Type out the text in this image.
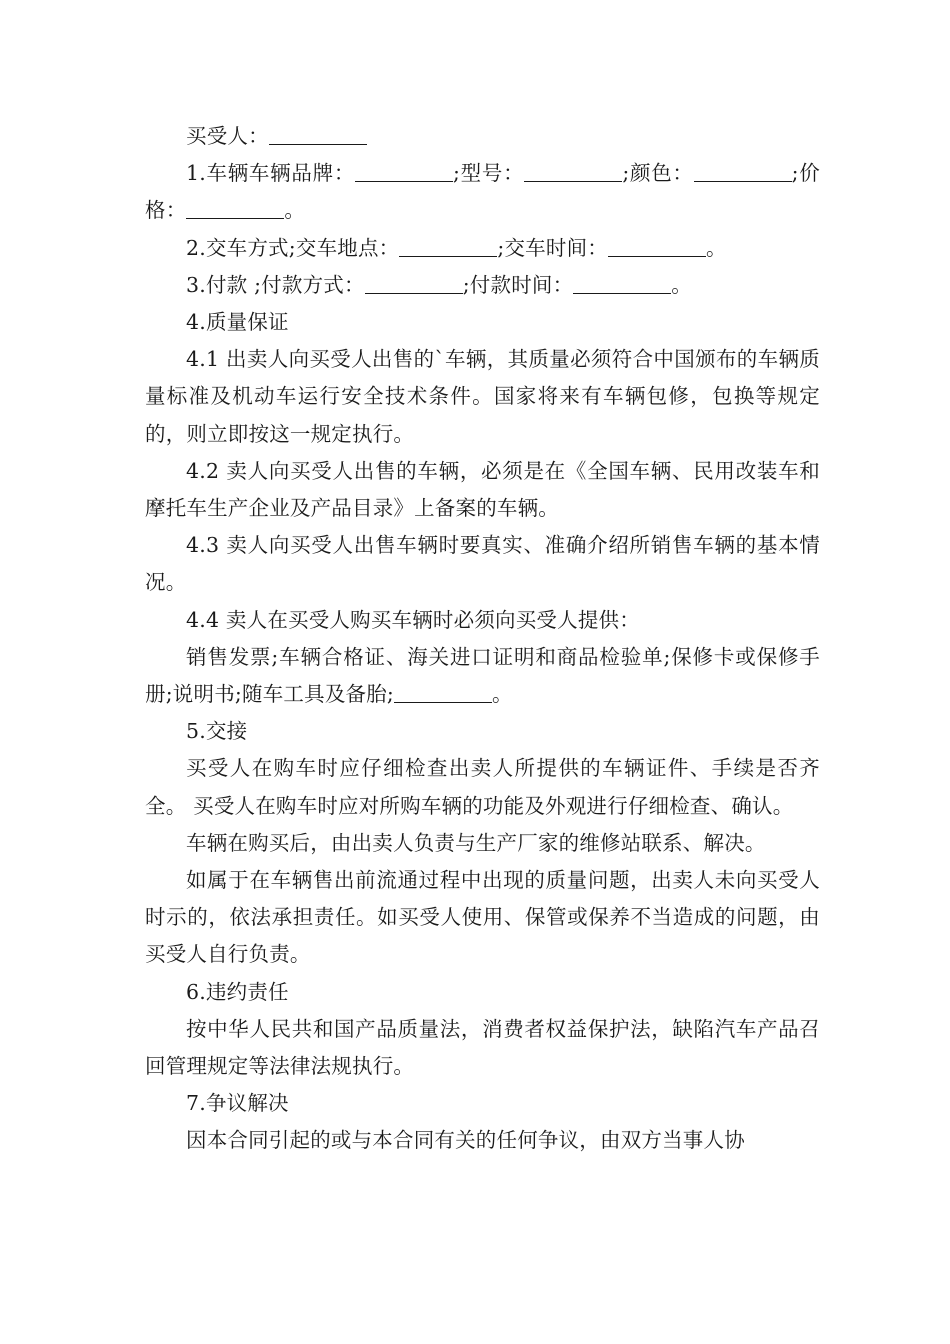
买受人：

1.车辆车辆品牌：	;型号：	;颜色：	;价格：	。

2.交车方式;交车地点：	;交车时间：	。

3.付款 ;付款方式：	;付款时间：	。

4.质量保证

4.1 出卖人向买受人出售的`车辆，其质量必须符合中国颁布的车辆质量标准及机动车运行安全技术条件。国家将来有车辆包修，包换等规定的，则立即按这一规定执行。

4.2 卖人向买受人出售的车辆，必须是在《全国车辆、民用改装车和摩托车生产企业及产品目录》上备案的车辆。

4.3 卖人向买受人出售车辆时要真实、准确介绍所销售车辆的基本情况。

4.4 卖人在买受人购买车辆时必须向买受人提供：

销售发票;车辆合格证、海关进口证明和商品检验单;保修卡或保修手册;说明书;随车工具及备胎;	。

5.交接

买受人在购车时应仔细检查出卖人所提供的车辆证件、手续是否齐全。 买受人在购车时应对所购车辆的功能及外观进行仔细检查、确认。

车辆在购买后，由出卖人负责与生产厂家的维修站联系、解决。

如属于在车辆售出前流通过程中出现的质量问题，出卖人未向买受人时示的，依法承担责任。如买受人使用、保管或保养不当造成的问题，由买受人自行负责。

6.违约责任

按中华人民共和国产品质量法，消费者权益保护法，缺陷汽车产品召回管理规定等法律法规执行。

7.争议解决

因本合同引起的或与本合同有关的任何争议，由双方当事人协
